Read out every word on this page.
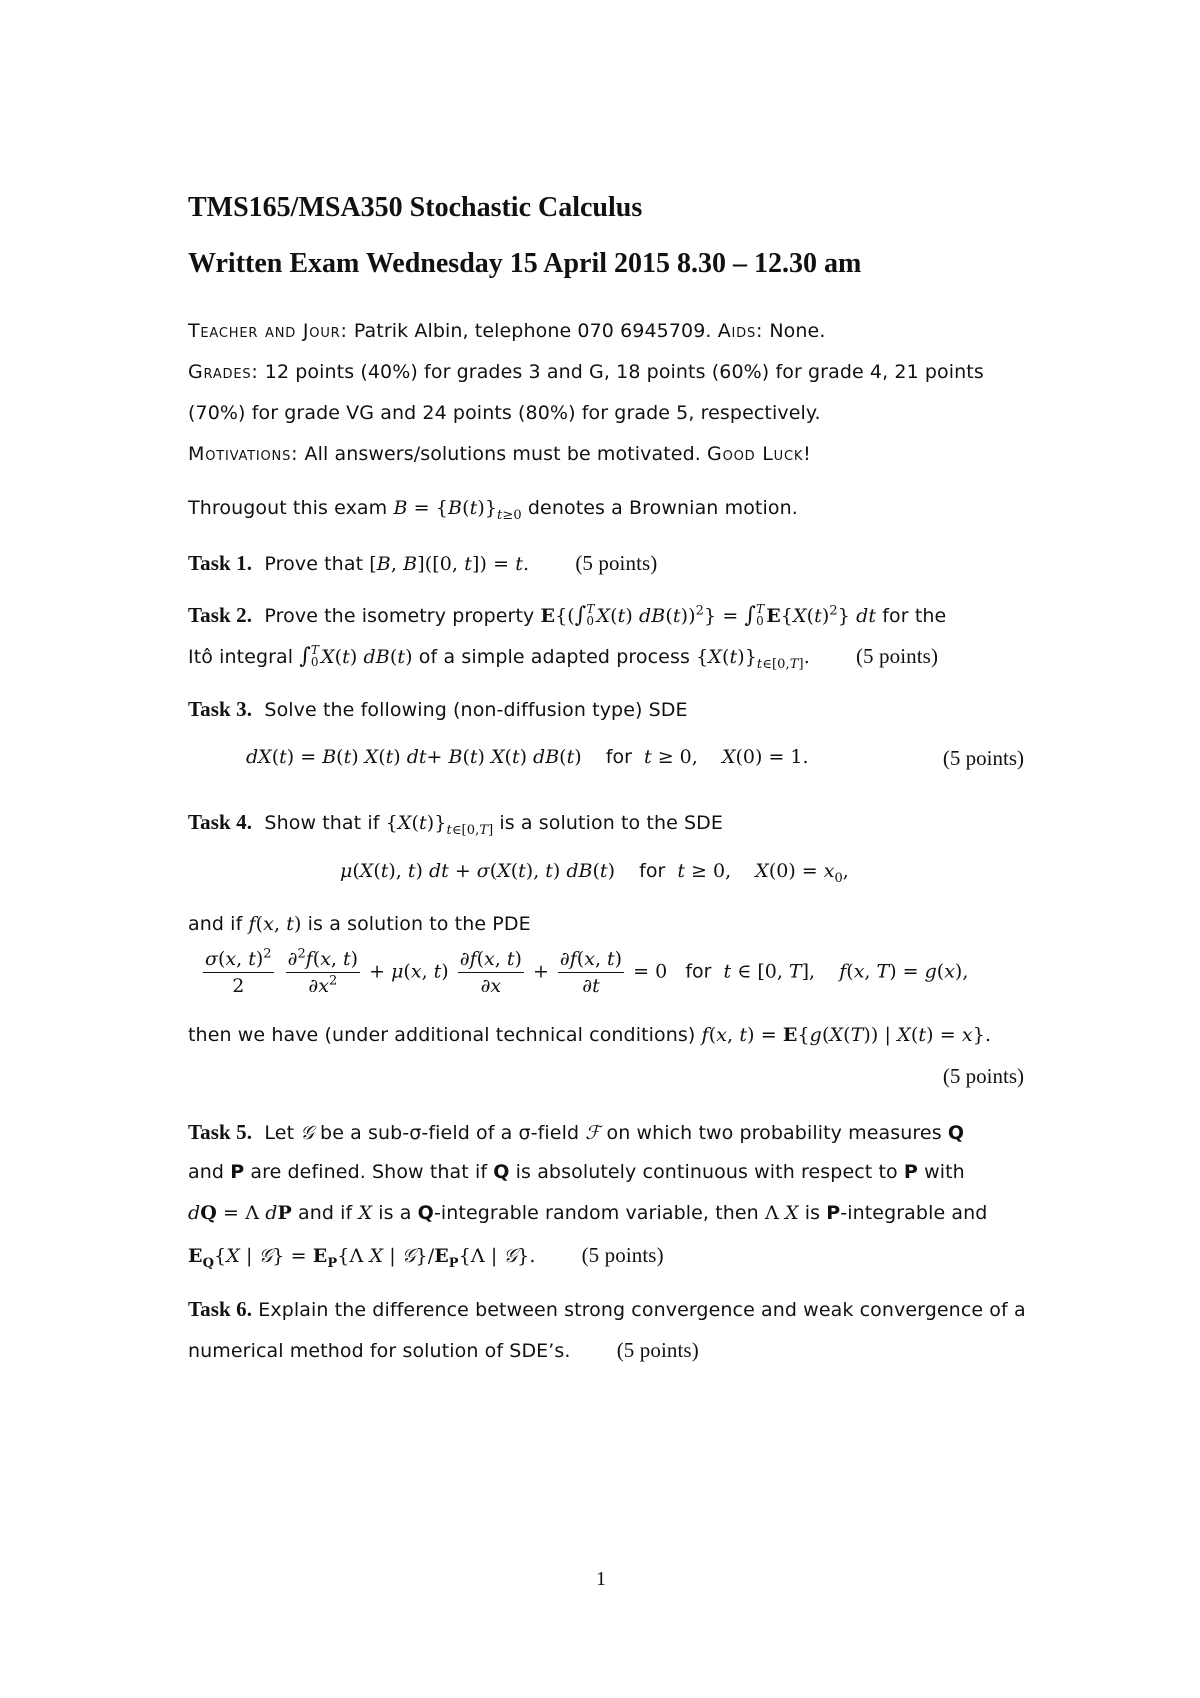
TMS165/MSA350 Stochastic Calculus
Written Exam Wednesday 15 April 2015 8.30 – 12.30 am
Teacher and Jour: Patrik Albin, telephone 070 6945709. Aids: None.
Grades: 12 points (40%) for grades 3 and G, 18 points (60%) for grade 4, 21 points
(70%) for grade VG and 24 points (80%) for grade 5, respectively.
Motivations: All answers/solutions must be motivated. Good Luck!
Througout this exam $B = \{B(t)\}_{t\ge 0}$ denotes a Brownian motion.
Task 1. Prove that [B, B]([0, t]) = t. (5 points)
Task 2. Prove the isometry property E{(∫ T
0 X(t) dB(t))$^2$} = ∫ T
0 $E\{X(t)^2\}$ dt for the
Itô integral ∫ T
0 X(t) dB(t) of a simple adapted process $\{X(t)\}_{t\in[0,T]}$. (5 points)
Task 3. Solve the following (non-diffusion type) SDE
dX(t) = B(t) X(t) dt+ B(t) X(t) dB(t)    for t ≥ 0,    X(0) = 1.	(5 points)
Task 4. Show that if $\{X(t)\}_{t\in[0,T]}$ is a solution to the SDE
μ(X(t), t) dt + σ(X(t), t) dB(t)    for t ≥ 0,    $X(0) = x_0$,
and if f(x, t) is a solution to the PDE
$\frac{\sigma(x, t)^2}{2}$
$\frac{\partial^2f(x, t)}{\partial x^2} + \mu(x$, $t) \frac{\partial f(x, t)}{\partial x} + \frac{\partial f(x, t)}{\partial t} = 0$   for t ∈ [0, T],    f(x, T) = g(x),
then we have (under additional technical conditions) f(x, t) = E{g(X(T)) | X(t) = x}.
(5 points)
Task 5. Let 𝒢 be a sub-σ-field of a σ-field ℱ on which two probability measures Q
and P are defined. Show that if Q is absolutely continuous with respect to P with
dQ = Λ dP and if X is a Q-integrable random variable, then Λ X is P-integrable and
$E_Q\{X$ | 𝒢} = $E_P\{\Lambda$ X | $𝒢\}/E_P\{\Lambda$ | 𝒢}. (5 points)
Task 6. Explain the difference between strong convergence and weak convergence of a
numerical method for solution of SDE’s. (5 points)
1
